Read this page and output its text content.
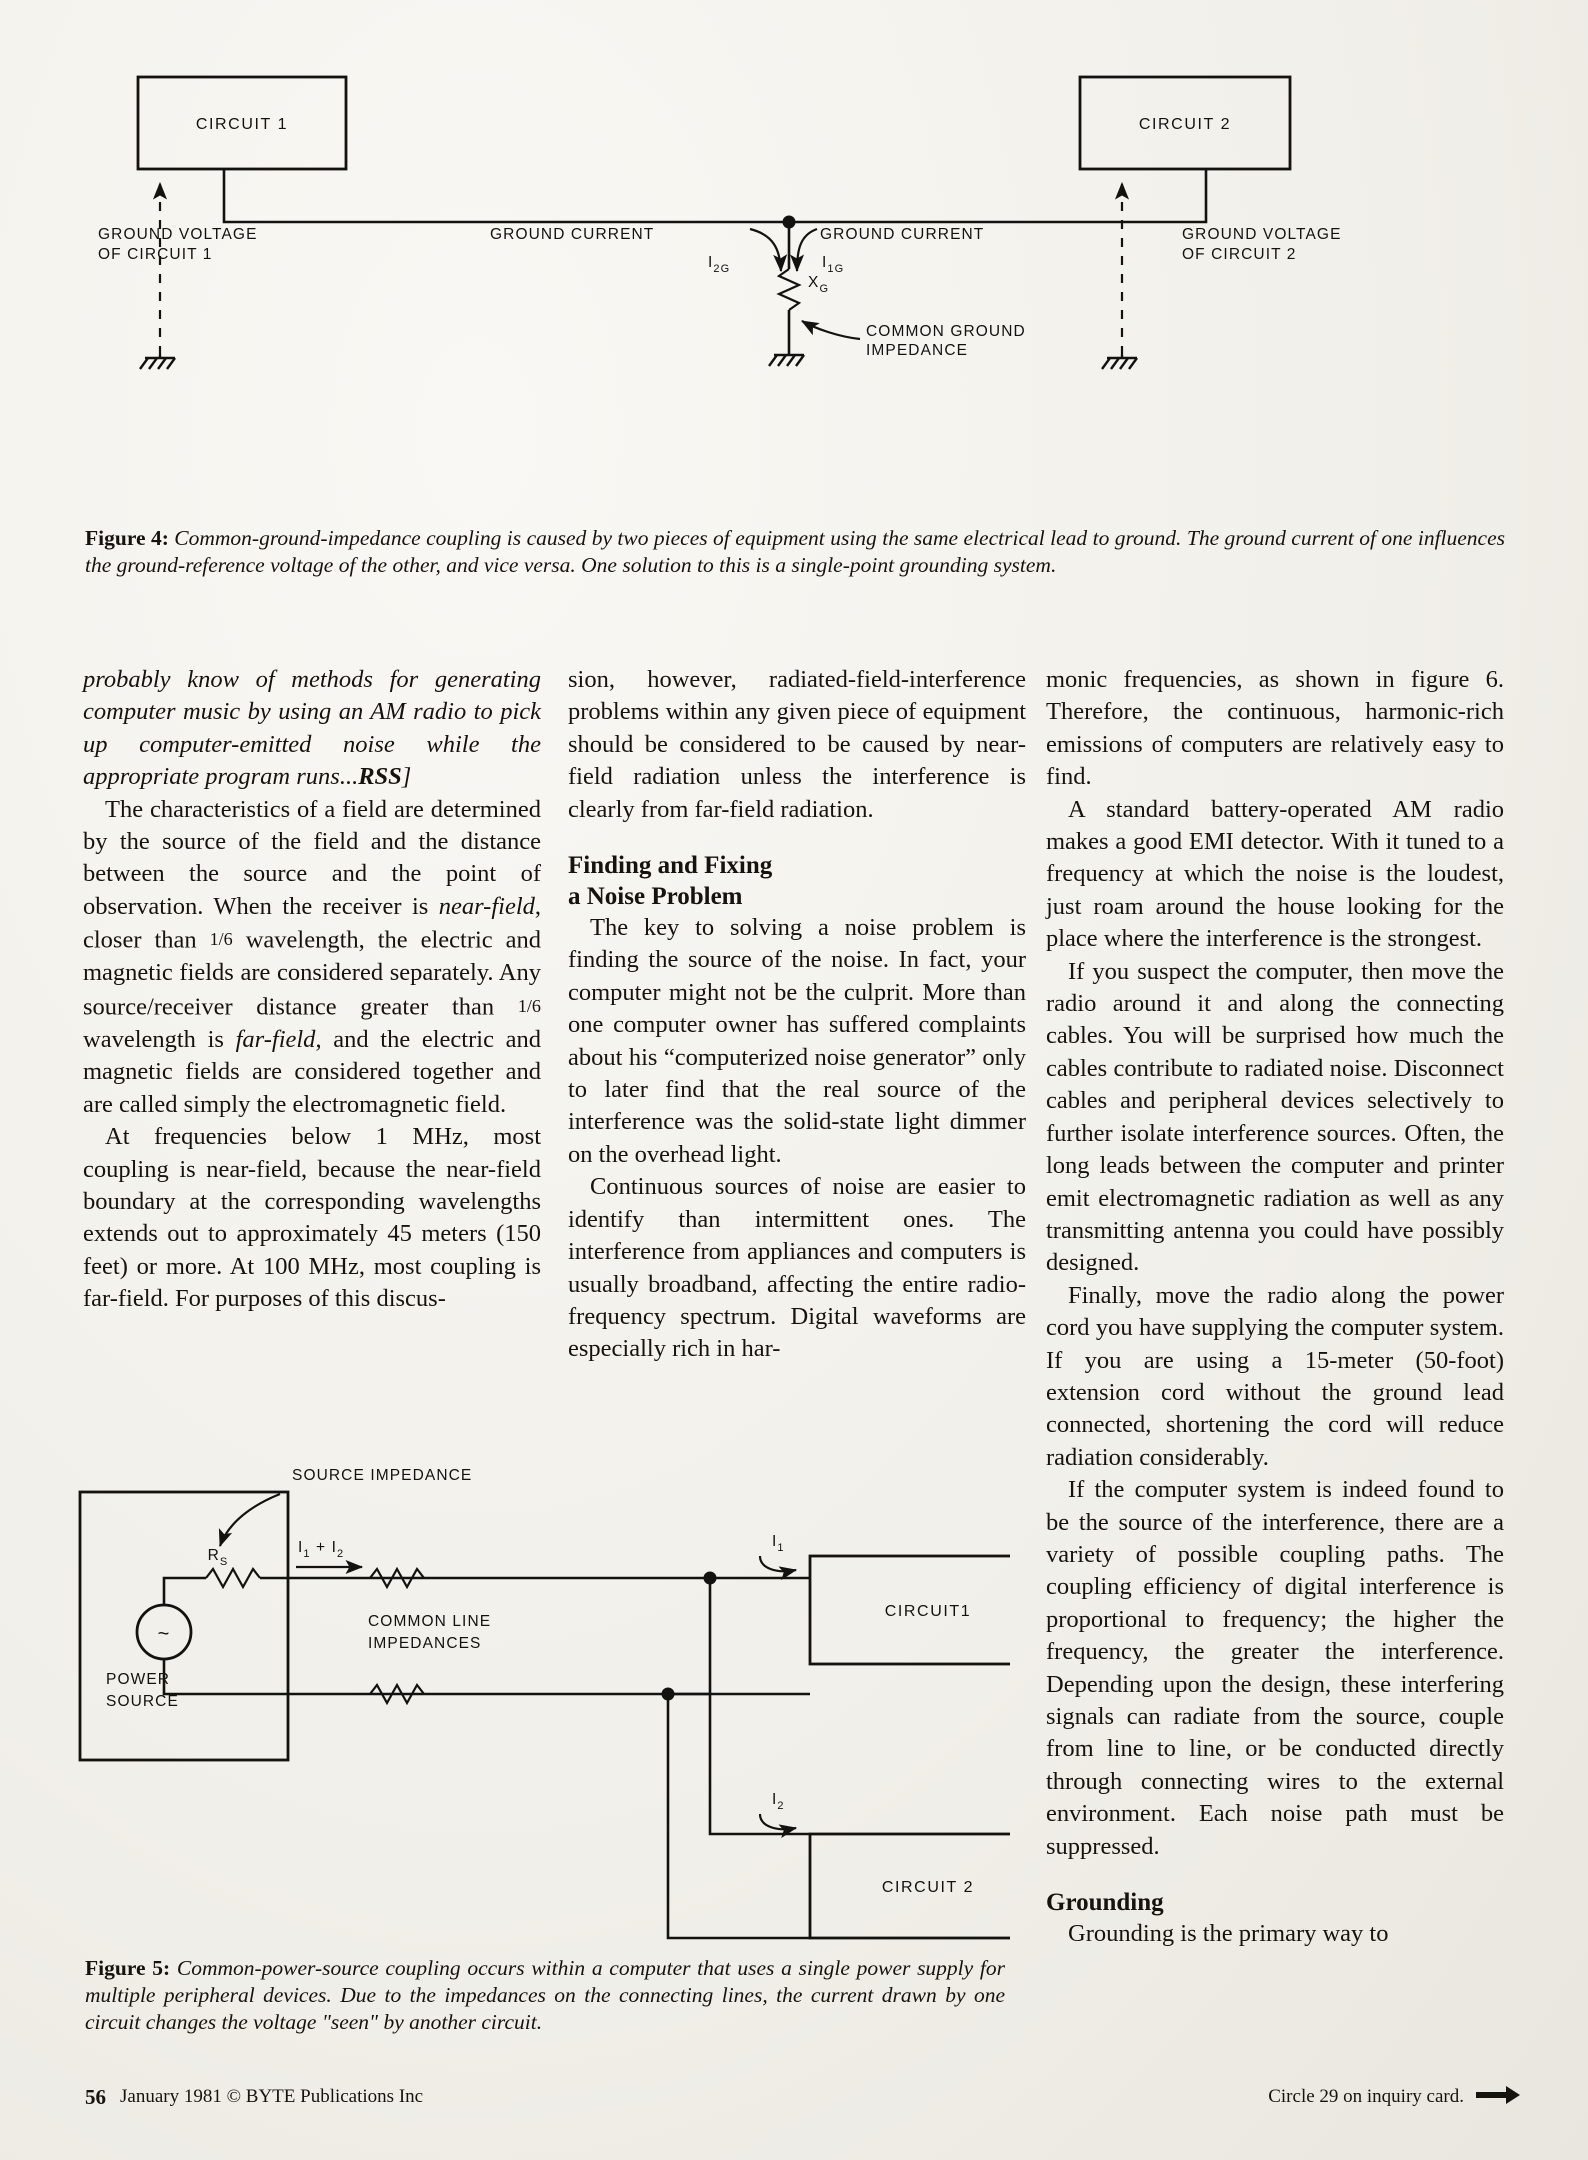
CIRCUIT 1	CIRCUIT 2
GROUND VOLTAGE
OF CIRCUIT 1
GROUND VOLTAGE
OF CIRCUIT 2
GROUND CURRENT
$I_{2G}$
GROUND CURRENT
$I_{1G}$
$X_G$
COMMON GROUND
IMPEDANCE
Figure 4: Common-ground-impedance coupling is caused by two pieces of equipment using the same electrical lead to ground. The ground current of one influences the ground-reference voltage of the other, and vice versa. One solution to this is a single-point grounding system.

probably know of methods for generating computer music by using an AM radio to pick up computer-emitted noise while the appropriate program runs...RSS]

The characteristics of a field are determined by the source of the field and the distance between the source and the point of observation. When the receiver is near-field, closer than 1/6 wavelength, the electric and magnetic fields are considered separately. Any source/receiver distance greater than 1/6 wavelength is far-field, and the electric and magnetic fields are considered together and are called simply the electromagnetic field.

At frequencies below 1 MHz, most coupling is near-field, because the near-field boundary at the corresponding wavelengths extends out to approximately 45 meters (150 feet) or more. At 100 MHz, most coupling is far-field. For purposes of this discus-

sion, however, radiated-field-interference problems within any given piece of equipment should be considered to be caused by near-field radiation unless the interference is clearly from far-field radiation.

Finding and Fixing
a Noise Problem

The key to solving a noise problem is finding the source of the noise. In fact, your computer might not be the culprit. More than one computer owner has suffered complaints about his “computerized noise generator” only to later find that the real source of the interference was the solid-state light dimmer on the overhead light.

Continuous sources of noise are easier to identify than intermittent ones. The interference from appliances and computers is usually broadband, affecting the entire radio-frequency spectrum. Digital waveforms are especially rich in har-

monic frequencies, as shown in figure 6. Therefore, the continuous, harmonic-rich emissions of computers are relatively easy to find.

A standard battery-operated AM radio makes a good EMI detector. With it tuned to a frequency at which the noise is the loudest, just roam around the house looking for the place where the interference is the strongest.

If you suspect the computer, then move the radio around it and along the connecting cables. You will be surprised how much the cables contribute to radiated noise. Disconnect cables and peripheral devices selectively to further isolate interference sources. Often, the long leads between the computer and printer emit electromagnetic radiation as well as any transmitting antenna you could have possibly designed.

Finally, move the radio along the power cord you have supplying the computer system. If you are using a 15-meter (50-foot) extension cord without the ground lead connected, shortening the cord will reduce radiation considerably.

If the computer system is indeed found to be the source of the interference, there are a variety of possible coupling paths. The coupling efficiency of digital interference is proportional to frequency; the higher the frequency, the greater the interference. Depending upon the design, these interfering signals can radiate from the source, couple from line to line, or be conducted directly through connecting wires to the external environment. Each noise path must be suppressed.

Grounding

Grounding is the primary way to

POWER
SOURCE
~
$R_S$
SOURCE IMPEDANCE
$I_1 + I_2$
COMMON LINE
IMPEDANCES
CIRCUIT1
$I_1$
CIRCUIT 2
$I_2$
Figure 5: Common-power-source coupling occurs within a computer that uses a single power supply for multiple peripheral devices. Due to the impedances on the connecting lines, the current drawn by one circuit changes the voltage "seen" by another circuit.
56 January 1981 © BYTE Publications Inc	Circle 29 on inquiry card.
